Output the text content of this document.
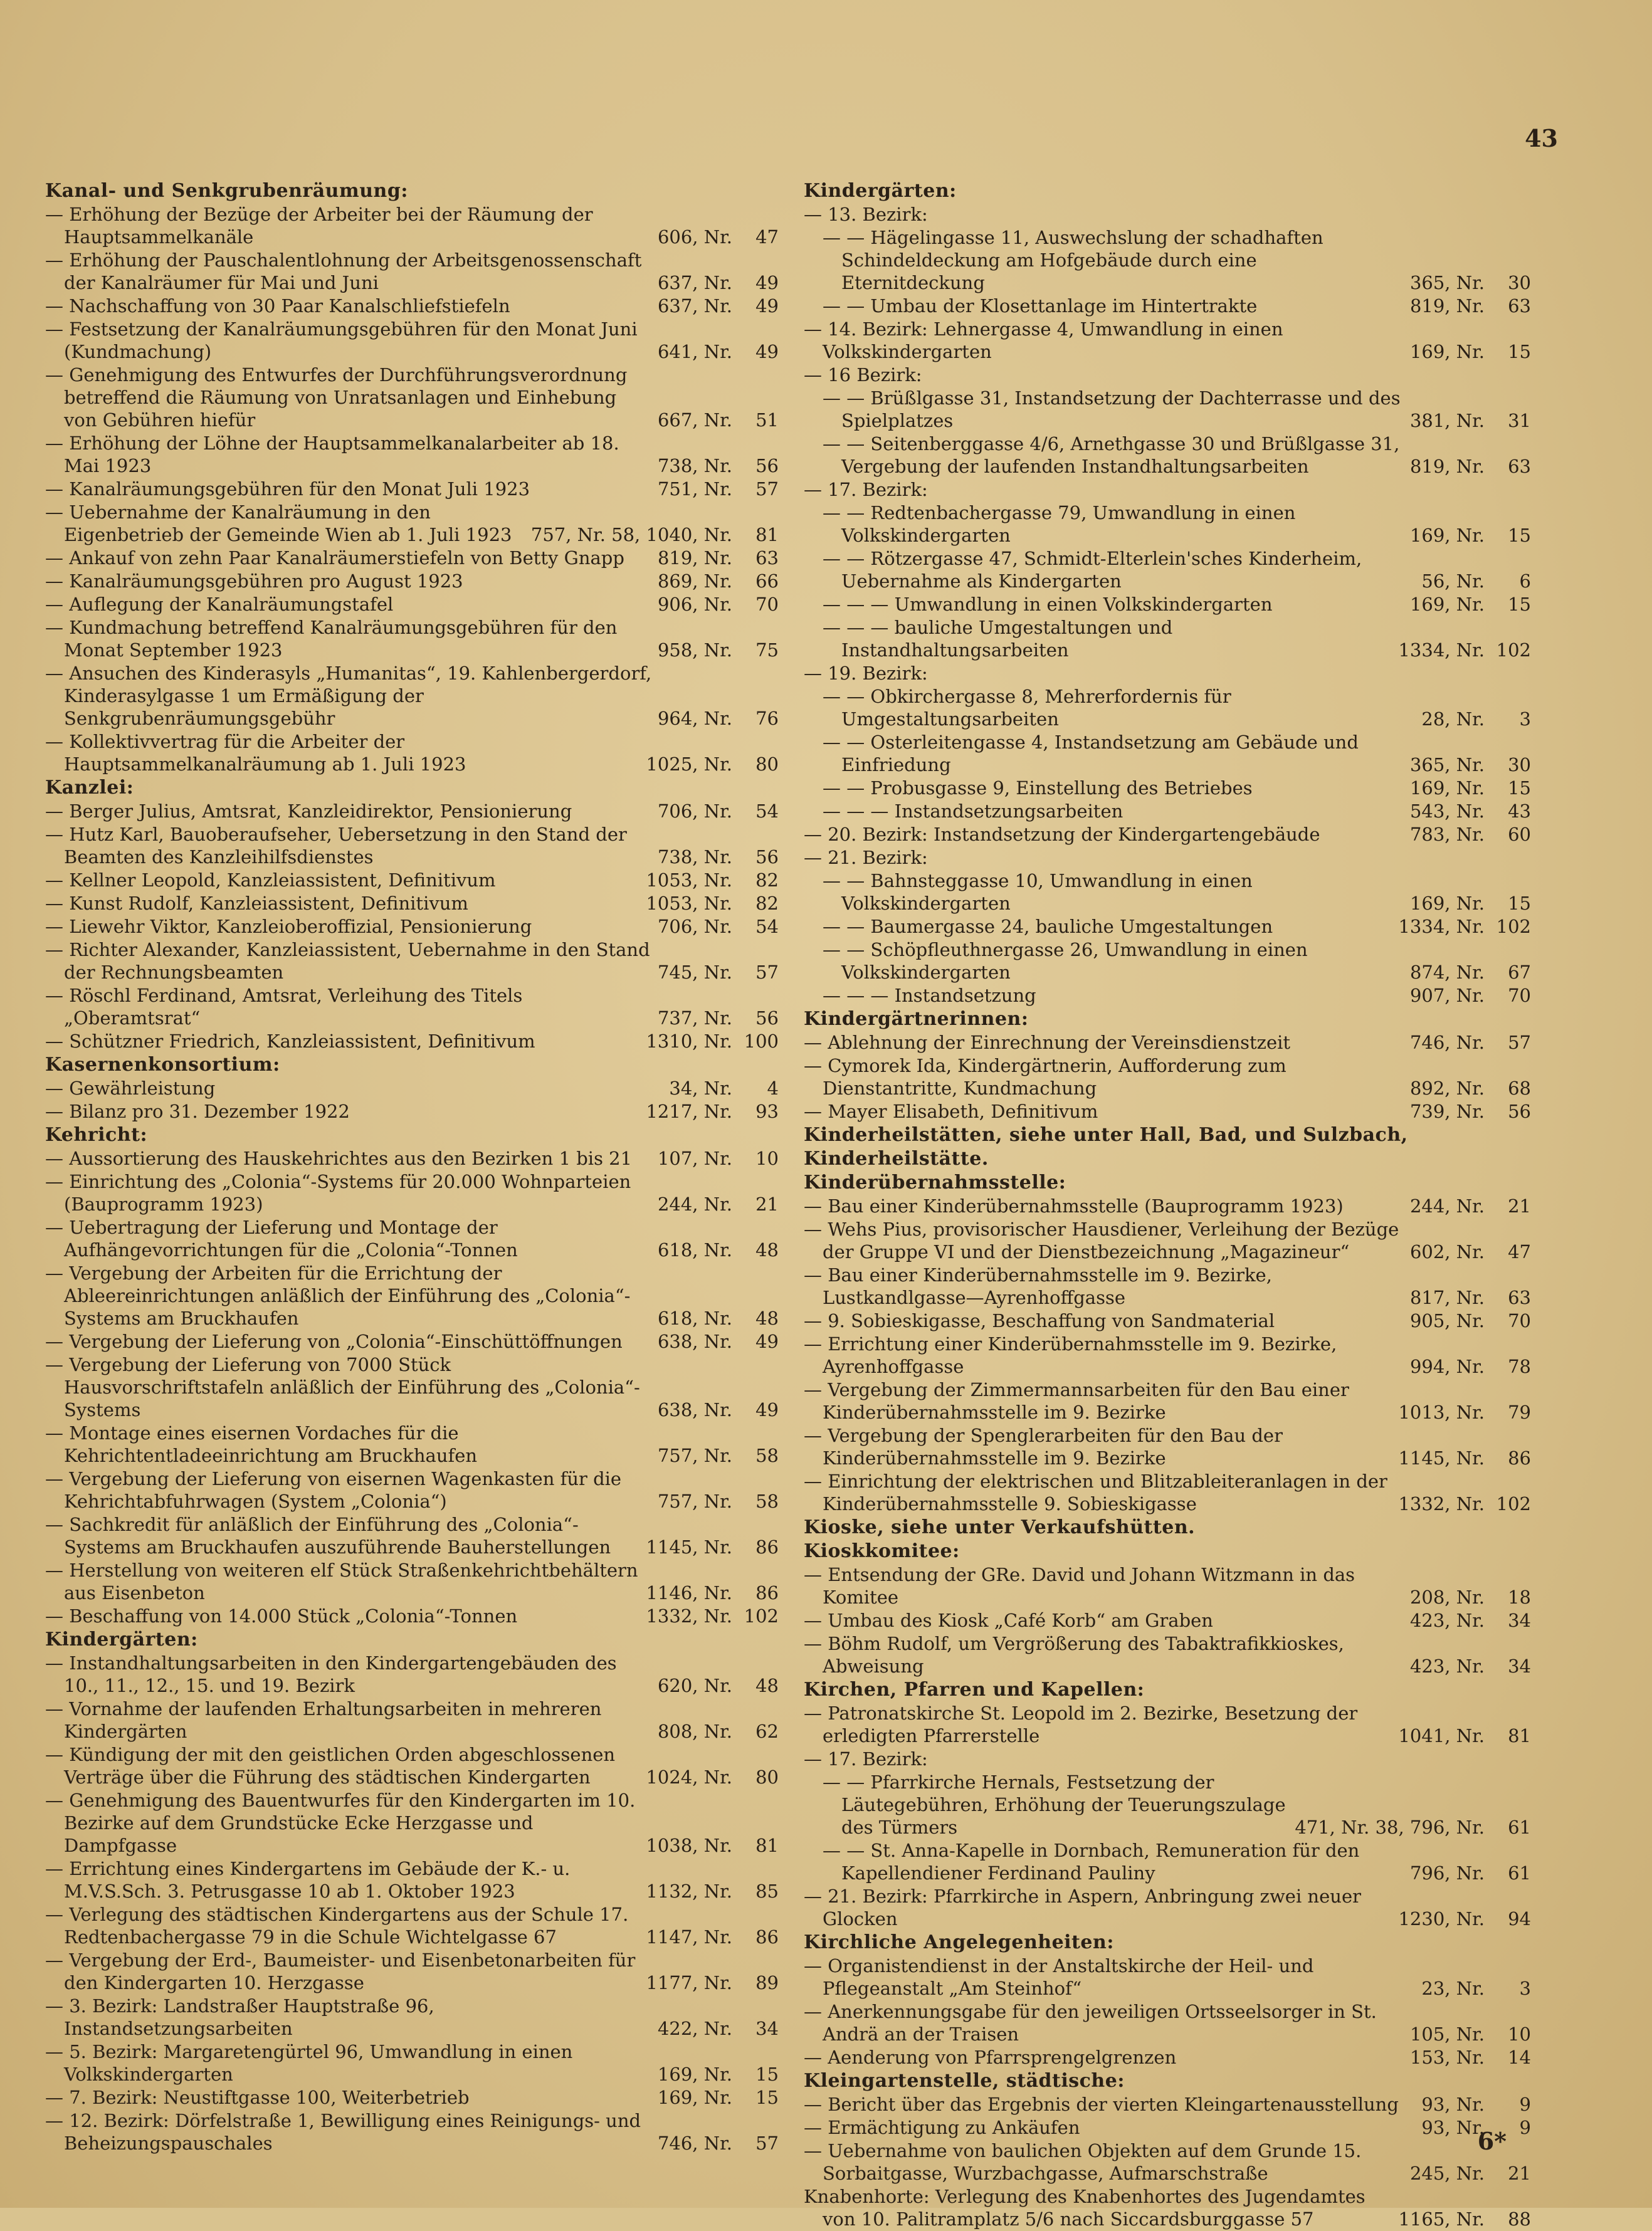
43
Kanal- und Senkgrubenräumung:
— Erhöhung der Bezüge der Arbeiter bei der Räumung der Hauptsammelkanäle	606, Nr.	47
— Erhöhung der Pauschalentlohnung der Arbeitsgenossenschaft der Kanalräumer für Mai und Juni	637, Nr.	49
— Nachschaffung von 30 Paar Kanalschliefstiefeln	637, Nr.	49
— Festsetzung der Kanalräumungsgebühren für den Monat Juni (Kundmachung)	641, Nr.	49
— Genehmigung des Entwurfes der Durchführungsverordnung betreffend die Räumung von Unratsanlagen und Einhebung von Gebühren hiefür	667, Nr.	51
— Erhöhung der Löhne der Hauptsammelkanalarbeiter ab 18. Mai 1923	738, Nr.	56
— Kanalräumungsgebühren für den Monat Juli 1923	751, Nr.	57
— Uebernahme der Kanalräumung in den Eigenbetrieb der Gemeinde Wien ab 1. Juli 1923	757, Nr. 58, 1040, Nr.	81
— Ankauf von zehn Paar Kanalräumerstiefeln von Betty Gnapp	819, Nr.	63
— Kanalräumungsgebühren pro August 1923	869, Nr.	66
— Auflegung der Kanalräumungstafel	906, Nr.	70
— Kundmachung betreffend Kanalräumungsgebühren für den Monat September 1923	958, Nr.	75
— Ansuchen des Kinderasyls „Humanitas“, 19. Kahlenbergerdorf, Kinderasylgasse 1 um Ermäßigung der Senkgrubenräumungsgebühr	964, Nr.	76
— Kollektivvertrag für die Arbeiter der Hauptsammelkanalräumung ab 1. Juli 1923	1025, Nr.	80
Kanzlei:
— Berger Julius, Amtsrat, Kanzleidirektor, Pensionierung	706, Nr.	54
— Hutz Karl, Bauoberaufseher, Uebersetzung in den Stand der Beamten des Kanzleihilfsdienstes	738, Nr.	56
— Kellner Leopold, Kanzleiassistent, Definitivum	1053, Nr.	82
— Kunst Rudolf, Kanzleiassistent, Definitivum	1053, Nr.	82
— Liewehr Viktor, Kanzleioberoffizial, Pensionierung	706, Nr.	54
— Richter Alexander, Kanzleiassistent, Uebernahme in den Stand der Rechnungsbeamten	745, Nr.	57
— Röschl Ferdinand, Amtsrat, Verleihung des Titels „Oberamtsrat“	737, Nr.	56
— Schützner Friedrich, Kanzleiassistent, Definitivum	1310, Nr. 100
Kasernenkonsortium:
— Gewährleistung	34, Nr.	4
— Bilanz pro 31. Dezember 1922	1217, Nr.	93
Kehricht:
— Aussortierung des Hauskehrichtes aus den Bezirken 1 bis 21	107, Nr.	10
— Einrichtung des „Colonia“-Systems für 20.000 Wohnparteien (Bauprogramm 1923)	244, Nr.	21
— Uebertragung der Lieferung und Montage der Aufhängevorrichtungen für die „Colonia“-Tonnen	618, Nr.	48
— Vergebung der Arbeiten für die Errichtung der Ableereinrichtungen anläßlich der Einführung des „Colonia“-Systems am Bruckhaufen	618, Nr.	48
— Vergebung der Lieferung von „Colonia“-Einschüttöffnungen	638, Nr.	49
— Vergebung der Lieferung von 7000 Stück Hausvorschriftstafeln anläßlich der Einführung des „Colonia“-Systems	638, Nr.	49
— Montage eines eisernen Vordaches für die Kehrichtentladeeinrichtung am Bruckhaufen	757, Nr.	58
— Vergebung der Lieferung von eisernen Wagenkasten für die Kehrichtabfuhrwagen (System „Colonia“)	757, Nr.	58
— Sachkredit für anläßlich der Einführung des „Colonia“-Systems am Bruckhaufen auszuführende Bauherstellungen	1145, Nr.	86
— Herstellung von weiteren elf Stück Straßenkehrichtbehältern aus Eisenbeton	1146, Nr.	86
— Beschaffung von 14.000 Stück „Colonia“-Tonnen	1332, Nr. 102
Kindergärten:
— Instandhaltungsarbeiten in den Kindergartengebäuden des 10., 11., 12., 15. und 19. Bezirk	620, Nr.	48
— Vornahme der laufenden Erhaltungsarbeiten in mehreren Kindergärten	808, Nr.	62
— Kündigung der mit den geistlichen Orden abgeschlossenen Verträge über die Führung des städtischen Kindergarten	1024, Nr.	80
— Genehmigung des Bauentwurfes für den Kindergarten im 10. Bezirke auf dem Grundstücke Ecke Herzgasse und Dampfgasse	1038, Nr.	81
— Errichtung eines Kindergartens im Gebäude der K.- u. M.V.S.Sch. 3. Petrusgasse 10 ab 1. Oktober 1923	1132, Nr.	85
— Verlegung des städtischen Kindergartens aus der Schule 17. Redtenbachergasse 79 in die Schule Wichtelgasse 67	1147, Nr.	86
— Vergebung der Erd-, Baumeister- und Eisenbetonarbeiten für den Kindergarten 10. Herzgasse	1177, Nr.	89
— 3. Bezirk: Landstraßer Hauptstraße 96, Instandsetzungsarbeiten	422, Nr.	34
— 5. Bezirk: Margaretengürtel 96, Umwandlung in einen Volkskindergarten	169, Nr.	15
— 7. Bezirk: Neustiftgasse 100, Weiterbetrieb	169, Nr.	15
— 12. Bezirk: Dörfelstraße 1, Bewilligung eines Reinigungs- und Beheizungspauschales	746, Nr.	57
Kindergärten:
— 13. Bezirk:
— — Hägelingasse 11, Auswechslung der schadhaften Schindeldeckung am Hofgebäude durch eine Eternitdeckung	365, Nr.	30
— — Umbau der Klosettanlage im Hintertrakte	819, Nr.	63
— 14. Bezirk: Lehnergasse 4, Umwandlung in einen Volkskindergarten	169, Nr.	15
— 16 Bezirk:
— — Brüßlgasse 31, Instandsetzung der Dachterrasse und des Spielplatzes	381, Nr.	31
— — Seitenberggasse 4/6, Arnethgasse 30 und Brüßlgasse 31, Vergebung der laufenden Instandhaltungsarbeiten	819, Nr.	63
— 17. Bezirk:
— — Redtenbachergasse 79, Umwandlung in einen Volkskindergarten	169, Nr.	15
— — Rötzergasse 47, Schmidt-Elterlein'sches Kinderheim, Uebernahme als Kindergarten	56, Nr.	6
— — — Umwandlung in einen Volkskindergarten	169, Nr.	15
— — — bauliche Umgestaltungen und Instandhaltungsarbeiten	1334, Nr. 102
— 19. Bezirk:
— — Obkirchergasse 8, Mehrerfordernis für Umgestaltungsarbeiten	28, Nr.	3
— — Osterleitengasse 4, Instandsetzung am Gebäude und Einfriedung	365, Nr.	30
— — Probusgasse 9, Einstellung des Betriebes	169, Nr.	15
— — — Instandsetzungsarbeiten	543, Nr.	43
— 20. Bezirk: Instandsetzung der Kindergartengebäude	783, Nr.	60
— 21. Bezirk:
— — Bahnsteggasse 10, Umwandlung in einen Volkskindergarten	169, Nr.	15
— — Baumergasse 24, bauliche Umgestaltungen	1334, Nr. 102
— — Schöpfleuthnergasse 26, Umwandlung in einen Volkskindergarten	874, Nr.	67
— — — Instandsetzung	907, Nr.	70
Kindergärtnerinnen:
— Ablehnung der Einrechnung der Vereinsdienstzeit	746, Nr.	57
— Cymorek Ida, Kindergärtnerin, Aufforderung zum Dienstantritte, Kundmachung	892, Nr.	68
— Mayer Elisabeth, Definitivum	739, Nr.	56
Kinderheilstätten, siehe unter Hall, Bad, und Sulzbach, Kinderheilstätte.
Kinderübernahmsstelle:
— Bau einer Kinderübernahmsstelle (Bauprogramm 1923)	244, Nr.	21
— Wehs Pius, provisorischer Hausdiener, Verleihung der Bezüge der Gruppe VI und der Dienstbezeichnung „Magazineur“	602, Nr.	47
— Bau einer Kinderübernahmsstelle im 9. Bezirke, Lustkandlgasse—Ayrenhoffgasse	817, Nr.	63
— 9. Sobieskigasse, Beschaffung von Sandmaterial	905, Nr.	70
— Errichtung einer Kinderübernahmsstelle im 9. Bezirke, Ayrenhoffgasse	994, Nr.	78
— Vergebung der Zimmermannsarbeiten für den Bau einer Kinderübernahmsstelle im 9. Bezirke	1013, Nr.	79
— Vergebung der Spenglerarbeiten für den Bau der Kinderübernahmsstelle im 9. Bezirke	1145, Nr.	86
— Einrichtung der elektrischen und Blitzableiteranlagen in der Kinderübernahmsstelle 9. Sobieskigasse	1332, Nr. 102
Kioske, siehe unter Verkaufshütten.
Kioskkomitee:
— Entsendung der GRe. David und Johann Witzmann in das Komitee	208, Nr.	18
— Umbau des Kiosk „Café Korb“ am Graben	423, Nr.	34
— Böhm Rudolf, um Vergrößerung des Tabaktrafikkioskes, Abweisung	423, Nr.	34
Kirchen, Pfarren und Kapellen:
— Patronatskirche St. Leopold im 2. Bezirke, Besetzung der erledigten Pfarrerstelle	1041, Nr.	81
— 17. Bezirk:
— — Pfarrkirche Hernals, Festsetzung der Läutegebühren, Erhöhung der Teuerungszulage des Türmers	471, Nr. 38, 796, Nr.	61
— — St. Anna-Kapelle in Dornbach, Remuneration für den Kapellendiener Ferdinand Pauliny	796, Nr.	61
— 21. Bezirk: Pfarrkirche in Aspern, Anbringung zwei neuer Glocken	1230, Nr.	94
Kirchliche Angelegenheiten:
— Organistendienst in der Anstaltskirche der Heil- und Pflegeanstalt „Am Steinhof“	23, Nr.	3
— Anerkennungsgabe für den jeweiligen Ortsseelsorger in St. Andrä an der Traisen	105, Nr.	10
— Aenderung von Pfarrsprengelgrenzen	153, Nr.	14
Kleingartenstelle, städtische:
— Bericht über das Ergebnis der vierten Kleingartenausstellung	93, Nr.	9
— Ermächtigung zu Ankäufen	93, Nr.	9
— Uebernahme von baulichen Objekten auf dem Grunde 15. Sorbaitgasse, Wurzbachgasse, Aufmarschstraße	245, Nr.	21
Knabenhorte: Verlegung des Knabenhortes des Jugendamtes von 10. Palitramplatz 5/6 nach Siccardsburggasse 57	1165, Nr.	88
6*
